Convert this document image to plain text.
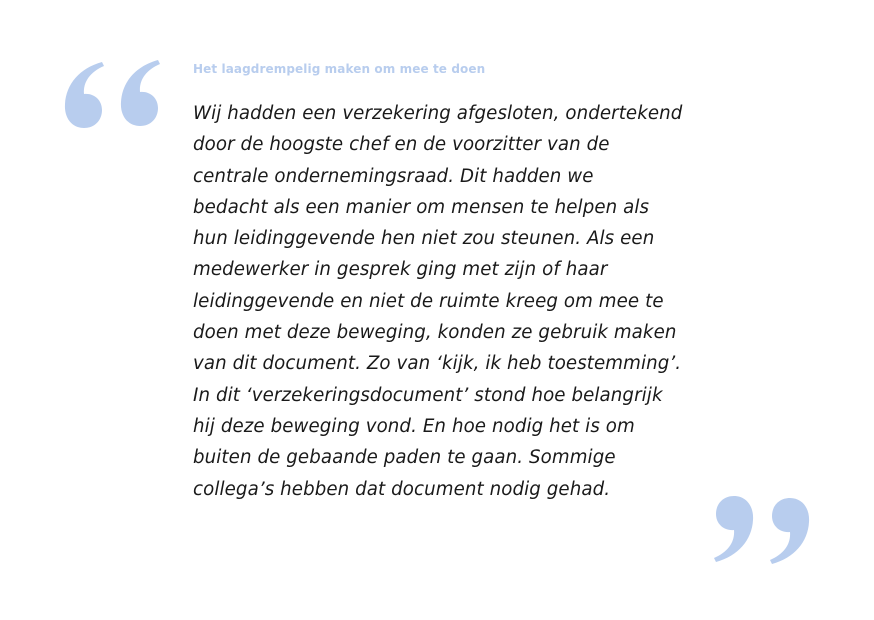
Het laagdrempelig maken om mee te doen
Wij hadden een verzekering afgesloten, ondertekend
door de hoogste chef en de voorzitter van de
centrale ondernemingsraad. Dit hadden we
bedacht als een manier om mensen te helpen als
hun leidinggevende hen niet zou steunen. Als een
medewerker in gesprek ging met zijn of haar
leidinggevende en niet de ruimte kreeg om mee te
doen met deze beweging, konden ze gebruik maken
van dit document. Zo van ‘kijk, ik heb toestemming’.
In dit ‘verzekeringsdocument’ stond hoe belangrijk
hij deze beweging vond. En hoe nodig het is om
buiten de gebaande paden te gaan. Sommige
collega’s hebben dat document nodig gehad.
